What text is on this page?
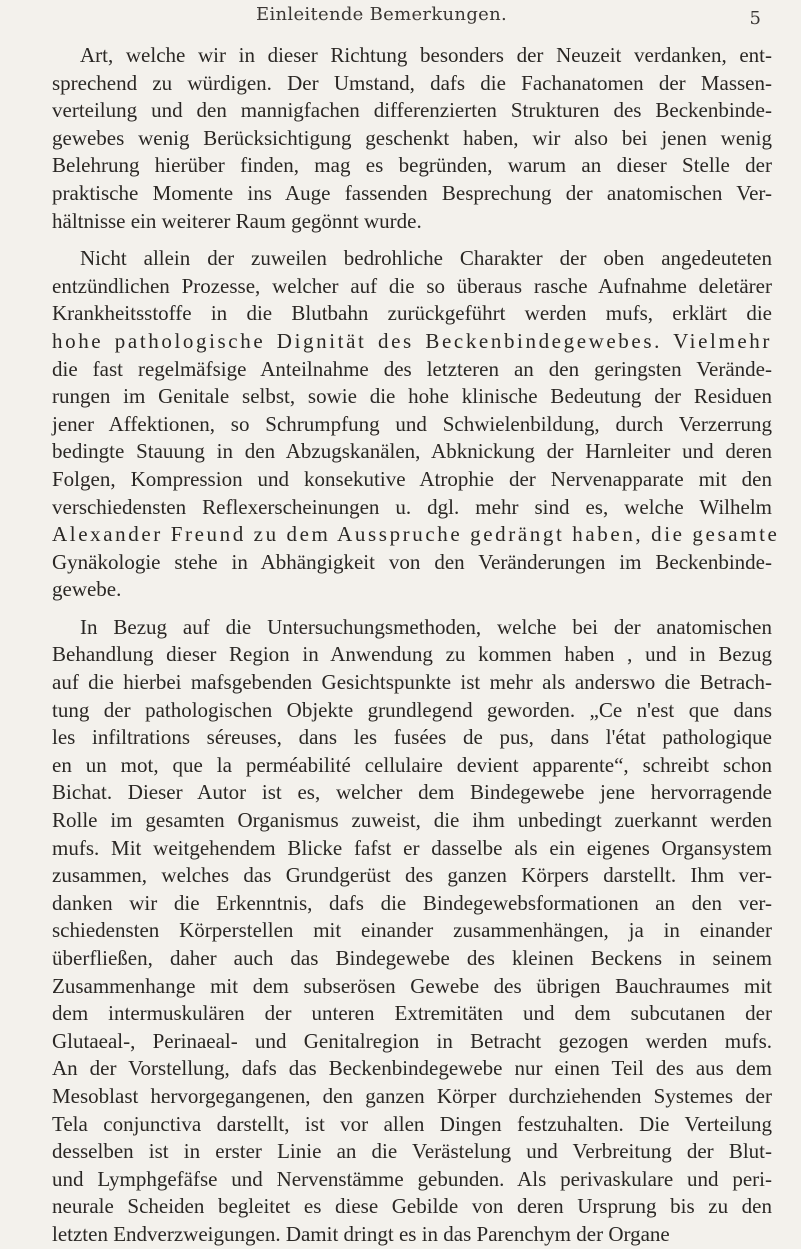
Einleitende Bemerkungen.	5
Art, welche wir in dieser Richtung besonders der Neuzeit verdanken, ent-
sprechend zu würdigen. Der Umstand, dafs die Fachanatomen der Massen-
verteilung und den mannigfachen differenzierten Strukturen des Beckenbinde-
gewebes wenig Berücksichtigung geschenkt haben, wir also bei jenen wenig
Belehrung hierüber finden, mag es begründen, warum an dieser Stelle der
praktische Momente ins Auge fassenden Besprechung der anatomischen Ver-
hältnisse ein weiterer Raum gegönnt wurde.
Nicht allein der zuweilen bedrohliche Charakter der oben angedeuteten
entzündlichen Prozesse, welcher auf die so überaus rasche Aufnahme deletärer
Krankheitsstoffe in die Blutbahn zurückgeführt werden mufs, erklärt die
hohe pathologische Dignität des Beckenbindegewebes. Vielmehr
die fast regelmäfsige Anteilnahme des letzteren an den geringsten Verände-
rungen im Genitale selbst, sowie die hohe klinische Bedeutung der Residuen
jener Affektionen, so Schrumpfung und Schwielenbildung, durch Verzerrung
bedingte Stauung in den Abzugskanälen, Abknickung der Harnleiter und deren
Folgen, Kompression und konsekutive Atrophie der Nervenapparate mit den
verschiedensten Reflexerscheinungen u. dgl. mehr sind es, welche Wilhelm
Alexander Freund zu dem Ausspruche gedrängt haben, die gesamte
Gynäkologie stehe in Abhängigkeit von den Veränderungen im Beckenbinde-
gewebe.
In Bezug auf die Untersuchungsmethoden, welche bei der anatomischen
Behandlung dieser Region in Anwendung zu kommen haben , und in Bezug
auf die hierbei mafsgebenden Gesichtspunkte ist mehr als anderswo die Betrach-
tung der pathologischen Objekte grundlegend geworden. „Ce n'est que dans
les infiltrations séreuses, dans les fusées de pus, dans l'état pathologique
en un mot, que la perméabilité cellulaire devient apparente“, schreibt schon
Bichat. Dieser Autor ist es, welcher dem Bindegewebe jene hervorragende
Rolle im gesamten Organismus zuweist, die ihm unbedingt zuerkannt werden
mufs. Mit weitgehendem Blicke fafst er dasselbe als ein eigenes Organsystem
zusammen, welches das Grundgerüst des ganzen Körpers darstellt. Ihm ver-
danken wir die Erkenntnis, dafs die Bindegewebsformationen an den ver-
schiedensten Körperstellen mit einander zusammenhängen, ja in einander
überfließen, daher auch das Bindegewebe des kleinen Beckens in seinem
Zusammenhange mit dem subserösen Gewebe des übrigen Bauchraumes mit
dem intermuskulären der unteren Extremitäten und dem subcutanen der
Glutaeal-, Perinaeal- und Genitalregion in Betracht gezogen werden mufs.
An der Vorstellung, dafs das Beckenbindegewebe nur einen Teil des aus dem
Mesoblast hervorgegangenen, den ganzen Körper durchziehenden Systemes der
Tela conjunctiva darstellt, ist vor allen Dingen festzuhalten. Die Verteilung
desselben ist in erster Linie an die Verästelung und Verbreitung der Blut-
und Lymphgefäfse und Nervenstämme gebunden. Als perivaskulare und peri-
neurale Scheiden begleitet es diese Gebilde von deren Ursprung bis zu den
letzten Endverzweigungen. Damit dringt es in das Parenchym der Organe
